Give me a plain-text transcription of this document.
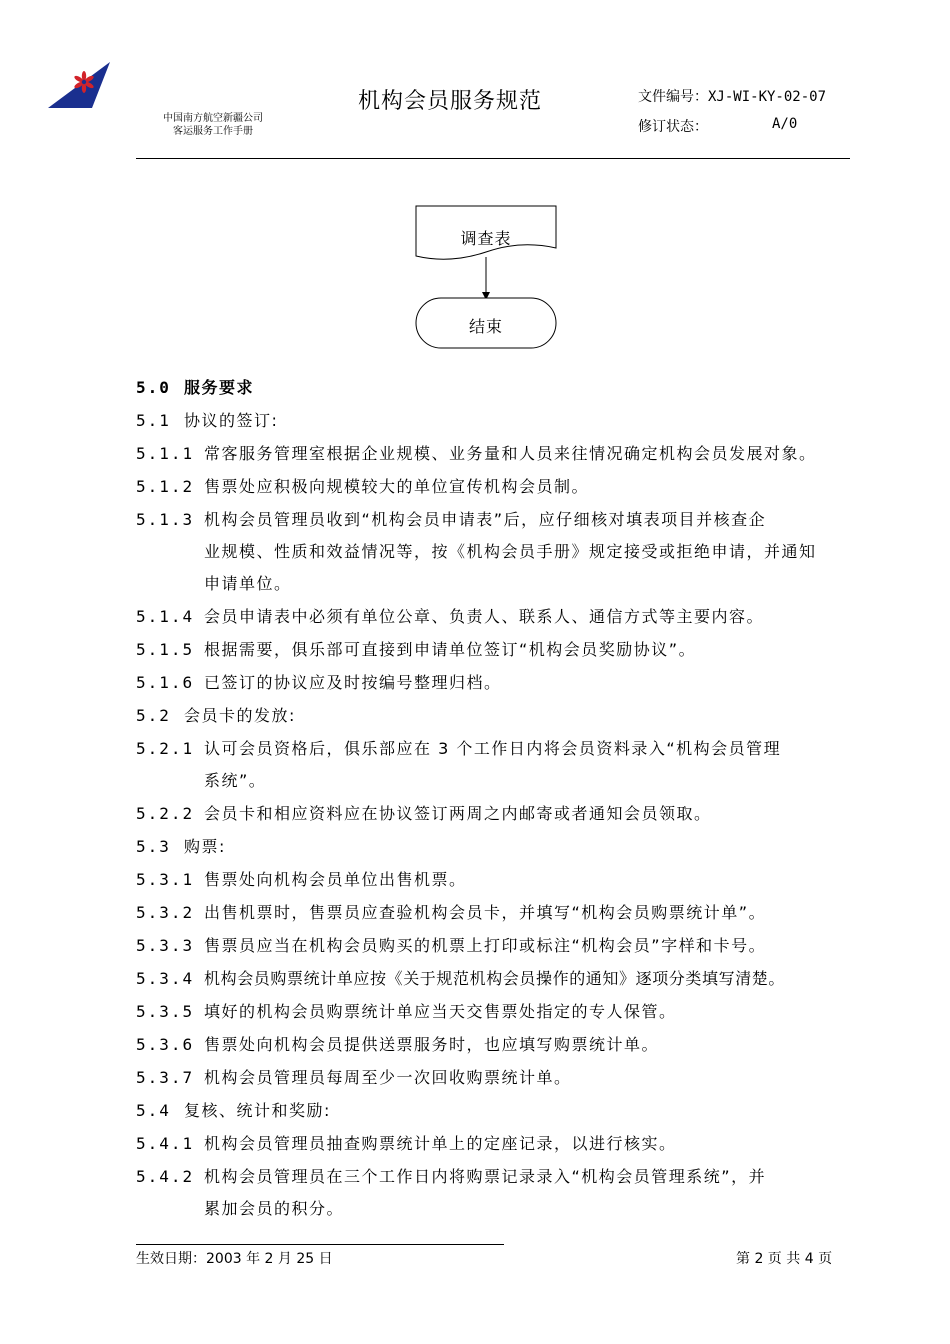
中国南方航空新疆公司
客运服务工作手册
机构会员服务规范	文件编号：XJ-WI-KY-02-07
修订状态：	A/0
调查表
结束
5.0 服务要求
5.1 协议的签订:
5.1.1 常客服务管理室根据企业规模、业务量和人员来往情况确定机构会员发展对象。
5.1.2 售票处应积极向规模较大的单位宣传机构会员制。
5.1.3 机构会员管理员收到“机构会员申请表”后，应仔细核对填表项目并核查企
业规模、性质和效益情况等，按《机构会员手册》规定接受或拒绝申请，并通知
申请单位。
5.1.4 会员申请表中必须有单位公章、负责人、联系人、通信方式等主要内容。
5.1.5 根据需要，俱乐部可直接到申请单位签订“机构会员奖励协议”。
5.1.6 已签订的协议应及时按编号整理归档。
5.2 会员卡的发放:
5.2.1 认可会员资格后，俱乐部应在 3 个工作日内将会员资料录入“机构会员管理
系统”。
5.2.2 会员卡和相应资料应在协议签订两周之内邮寄或者通知会员领取。
5.3 购票:
5.3.1 售票处向机构会员单位出售机票。
5.3.2 出售机票时，售票员应查验机构会员卡，并填写“机构会员购票统计单”。
5.3.3 售票员应当在机构会员购买的机票上打印或标注“机构会员”字样和卡号。
5.3.4 机构会员购票统计单应按《关于规范机构会员操作的通知》逐项分类填写清楚。
5.3.5 填好的机构会员购票统计单应当天交售票处指定的专人保管。
5.3.6 售票处向机构会员提供送票服务时，也应填写购票统计单。
5.3.7 机构会员管理员每周至少一次回收购票统计单。
5.4 复核、统计和奖励:
5.4.1 机构会员管理员抽查购票统计单上的定座记录，以进行核实。
5.4.2 机构会员管理员在三个工作日内将购票记录录入“机构会员管理系统”，并
累加会员的积分。
生效日期：2003 年 2 月 25 日	第 2 页 共 4 页
